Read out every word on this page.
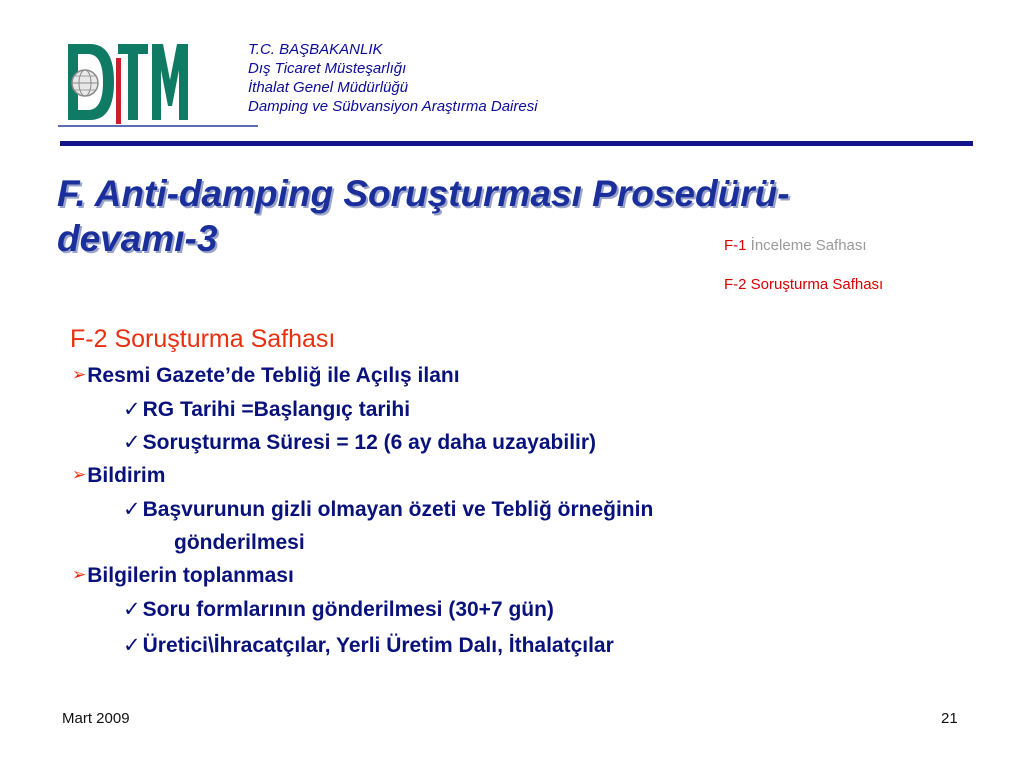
T.C. BAŞBAKANLIK
Dış Ticaret Müsteşarlığı
İthalat Genel Müdürlüğü
Damping ve Sübvansiyon Araştırma Dairesi
F. Anti-damping Soruşturması Prosedürü-
devamı-3	F-1 İnceleme Safhası
F-2 Soruşturma Safhası
F-2 Soruşturma Safhası
➢Resmi Gazete’de Tebliğ ile Açılış ilanı
✓RG Tarihi =Başlangıç tarihi
✓Soruşturma Süresi = 12 (6 ay daha uzayabilir)
➢Bildirim
✓Başvurunun gizli olmayan özeti ve Tebliğ örneğinin
gönderilmesi
➢Bilgilerin toplanması
✓Soru formlarının gönderilmesi (30+7 gün)
✓Üretici\İhracatçılar, Yerli Üretim Dalı, İthalatçılar
Mart 2009	21
